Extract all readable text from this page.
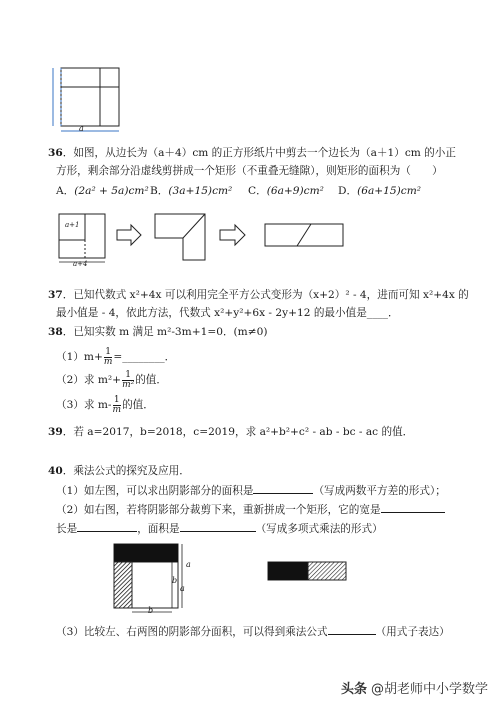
a
36．如图，从边长为（a＋4）cm 的正方形纸片中剪去一个边长为（a＋1）cm 的小正
方形，剩余部分沿虚线剪拼成一个矩形（不重叠无缝隙），则矩形的面积为（　　）
A．(2a² + 5a)cm² B．(3a+15)cm² C．(6a+9)cm² D．(6a+15)cm²
a+1
a+4
37．已知代数式 x²+4x 可以利用完全平方公式变形为（x+2）² ‑ 4，进而可知 x²+4x 的
最小值是 ‑ 4，依此方法，代数式 x²+y²+6x ‑ 2y+12 的最小值是____．
38．已知实数 m 满足 m²‑3m+1=0．(m≠0)
$(1)m+ \frac{1}{m}$ =________．
（2）求 $m^2+ \frac{1}{\text{m²}}$ 的值．
（3）求 m‑ $\frac{1}{m}$ 的值．
39．若 a=2017，b=2018，c=2019，求 a²+b²+c² ‑ ab ‑ bc ‑ ac 的值．
40．乘法公式的探究及应用．
（1）如左图，可以求出阴影部分的面积是	（写成两数平方差的形式）；
（2）如右图，若将阴影部分裁剪下来，重新拼成一个矩形，它的宽是
长是	，面积是	（写成多项式乘法的形式）
a
b
b
a
（3）比较左、右两图的阴影部分面积，可以得到乘法公式	（用式子表达）
头条 @胡老师中小学数学
